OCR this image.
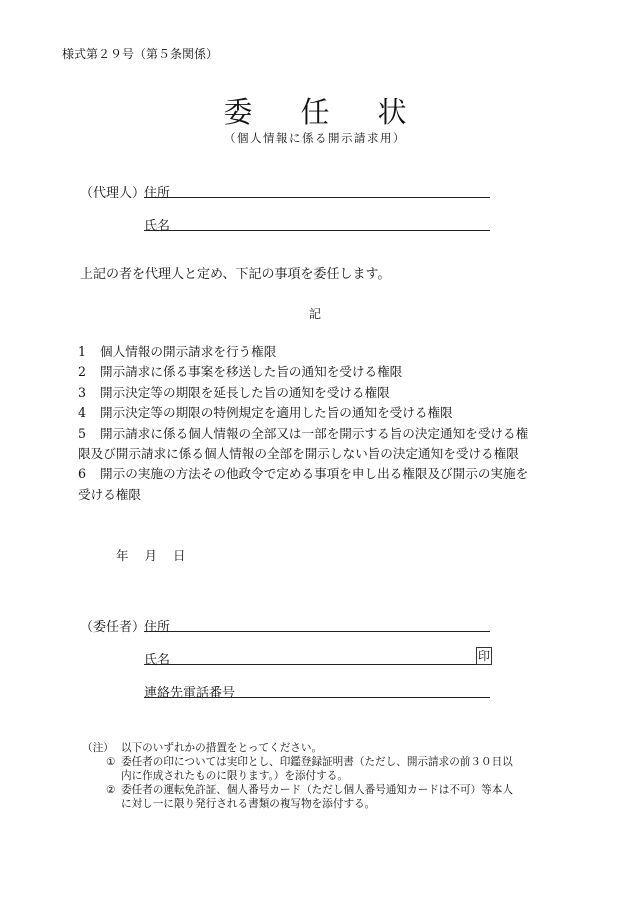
様式第２９号（第５条関係）
委 任 状
（個人情報に係る開示請求用）
（代理人）
住所
氏名
上記の者を代理人と定め、下記の事項を委任します。
記
1 個人情報の開示請求を行う権限
2 開示請求に係る事案を移送した旨の通知を受ける権限
3 開示決定等の期限を延長した旨の通知を受ける権限
4 開示決定等の期限の特例規定を適用した旨の通知を受ける権限
5 開示請求に係る個人情報の全部又は一部を開示する旨の決定通知を受ける権
限及び開示請求に係る個人情報の全部を開示しない旨の決定通知を受ける権限
6 開示の実施の方法その他政令で定める事項を申し出る権限及び開示の実施を
受ける権限
年 月 日
（委任者）
住所
氏名	印
連絡先電話番号
（注） 以下のいずれかの措置をとってください。
① 委任者の印については実印とし、印鑑登録証明書（ただし、開示請求の前３０日以
内に作成されたものに限ります。）を添付する。
② 委任者の運転免許証、個人番号カード（ただし個人番号通知カードは不可）等本人
に対し一に限り発行される書類の複写物を添付する。
